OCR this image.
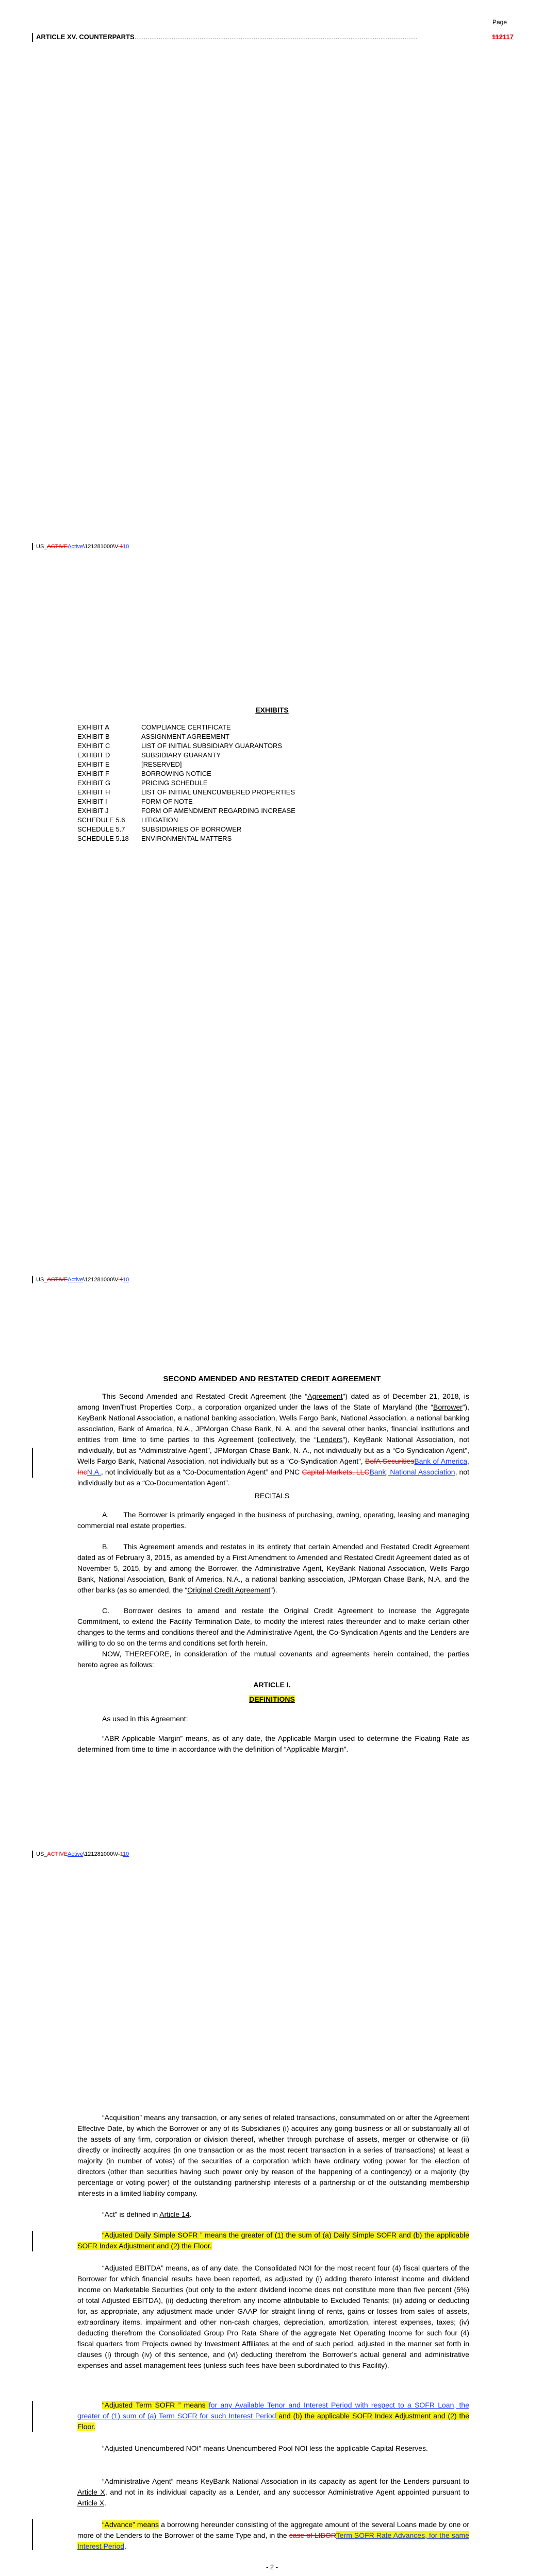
Page
ARTICLE XV. COUNTERPARTS........................................................................................................................................................	112117
US_ACTIVEActive\121281000\V-110
EXHIBITS
EXHIBIT A	COMPLIANCE CERTIFICATE
EXHIBIT B	ASSIGNMENT AGREEMENT
EXHIBIT C	LIST OF INITIAL SUBSIDIARY GUARANTORS
EXHIBIT D	SUBSIDIARY GUARANTY
EXHIBIT E	[RESERVED]
EXHIBIT F	BORROWING NOTICE
EXHIBIT G	PRICING SCHEDULE
EXHIBIT H	LIST OF INITIAL UNENCUMBERED PROPERTIES
EXHIBIT I	FORM OF NOTE
EXHIBIT J	FORM OF AMENDMENT REGARDING INCREASE
SCHEDULE 5.6 LITIGATION
SCHEDULE 5.7 SUBSIDIARIES OF BORROWER
SCHEDULE 5.18 ENVIRONMENTAL MATTERS
US_ACTIVEActive\121281000\V-110
SECOND AMENDED AND RESTATED CREDIT AGREEMENT
This Second Amended and Restated Credit Agreement (the “Agreement”) dated as of December 21, 2018, is among InvenTrust Properties Corp., a corporation organized under the laws of the State of Maryland (the “Borrower”), KeyBank National Association, a national banking association, Wells Fargo Bank, National Association, a national banking association, Bank of America, N.A., JPMorgan Chase Bank, N. A. and the several other banks, financial institutions and entities from time to time parties to this Agreement (collectively, the “Lenders”), KeyBank National Association, not individually, but as “Administrative Agent”, JPMorgan Chase Bank, N. A., not individually but as a “Co-Syndication Agent”, Wells Fargo Bank, National Association, not individually but as a “Co-Syndication Agent”, BofA SecuritiesBank of America, IncN.A., not individually but as a “Co-Documentation Agent” and PNC Capital Markets, LLCBank, National Association, not individually but as a “Co-Documentation Agent”.
RECITALS
A.  The Borrower is primarily engaged in the business of purchasing, owning, operating, leasing and managing commercial real estate properties.
B.  This Agreement amends and restates in its entirety that certain Amended and Restated Credit Agreement dated as of February 3, 2015, as amended by a First Amendment to Amended and Restated Credit Agreement dated as of November 5, 2015, by and among the Borrower, the Administrative Agent, KeyBank National Association, Wells Fargo Bank, National Association, Bank of America, N.A., a national banking association, JPMorgan Chase Bank, N.A. and the other banks (as so amended, the “Original Credit Agreement”).
C.  Borrower desires to amend and restate the Original Credit Agreement to increase the Aggregate Commitment, to extend the Facility Termination Date, to modify the interest rates thereunder and to make certain other changes to the terms and conditions thereof and the Administrative Agent, the Co-Syndication Agents and the Lenders are willing to do so on the terms and conditions set forth herein.
NOW, THEREFORE, in consideration of the mutual covenants and agreements herein contained, the parties hereto agree as follows:
ARTICLE I.
DEFINITIONS
As used in this Agreement:
“ABR Applicable Margin” means, as of any date, the Applicable Margin used to determine the Floating Rate as determined from time to time in accordance with the definition of “Applicable Margin”.
US_ACTIVEActive\121281000\V-110
“Acquisition” means any transaction, or any series of related transactions, consummated on or after the Agreement Effective Date, by which the Borrower or any of its Subsidiaries (i) acquires any going business or all or substantially all of the assets of any firm, corporation or division thereof, whether through purchase of assets, merger or otherwise or (ii) directly or indirectly acquires (in one transaction or as the most recent transaction in a series of transactions) at least a majority (in number of votes) of the securities of a corporation which have ordinary voting power for the election of directors (other than securities having such power only by reason of the happening of a contingency) or a majority (by percentage or voting power) of the outstanding partnership interests of a partnership or of the outstanding membership interests in a limited liability company.
“Act” is defined in Article 14.
“Adjusted Daily Simple SOFR ” means the greater of (1) the sum of (a) Daily Simple SOFR and (b) the applicable SOFR Index Adjustment and (2) the Floor.
“Adjusted EBITDA” means, as of any date, the Consolidated NOI for the most recent four (4) fiscal quarters of the Borrower for which financial results have been reported, as adjusted by (i) adding thereto interest income and dividend income on Marketable Securities (but only to the extent dividend income does not constitute more than five percent (5%) of total Adjusted EBITDA), (ii) deducting therefrom any income attributable to Excluded Tenants; (iii) adding or deducting for, as appropriate, any adjustment made under GAAP for straight lining of rents, gains or losses from sales of assets, extraordinary items, impairment and other non-cash charges, depreciation, amortization, interest expenses, taxes; (iv) deducting therefrom the Consolidated Group Pro Rata Share of the aggregate Net Operating Income for such four (4) fiscal quarters from Projects owned by Investment Affiliates at the end of such period, adjusted in the manner set forth in clauses (i) through (iv) of this sentence, and (vi) deducting therefrom the Borrower’s actual general and administrative expenses and asset management fees (unless such fees have been subordinated to this Facility).
“Adjusted Term SOFR ” means for any Available Tenor and Interest Period with respect to a SOFR Loan, the greater of (1) sum of (a) Term SOFR for such Interest Period and (b) the applicable SOFR Index Adjustment and (2) the Floor.
“Adjusted Unencumbered NOI” means Unencumbered Pool NOI less the applicable Capital Reserves.
“Administrative Agent” means KeyBank National Association in its capacity as agent for the Lenders pursuant to Article X, and not in its individual capacity as a Lender, and any successor Administrative Agent appointed pursuant to Article X.
“Advance” means a borrowing hereunder consisting of the aggregate amount of the several Loans made by one or more of the Lenders to the Borrower of the same Type and, in the case of LIBORTerm SOFR Rate Advances, for the same Interest Period.
- 2 -
